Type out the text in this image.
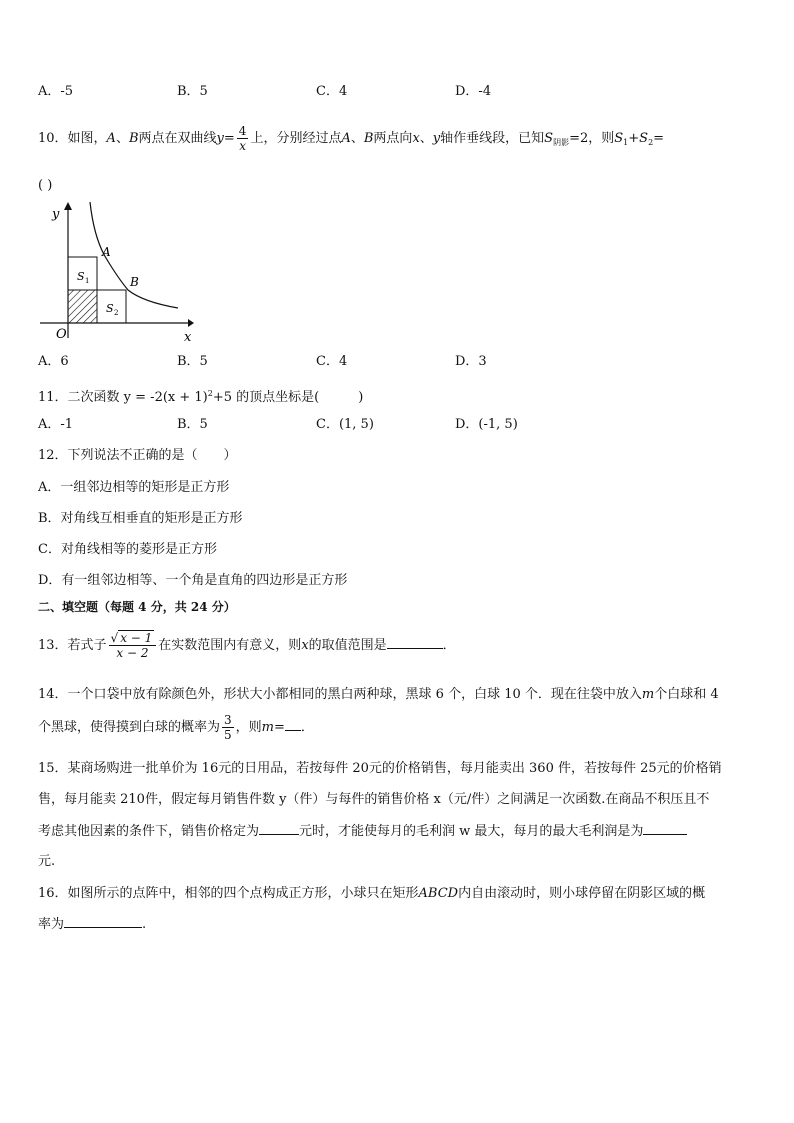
A．-5	B．5	C．4	D．-4
10．如图，A、B两点在双曲线$y= \frac{4}{x}$ 上，分别经过点A、B两点向x、y轴作垂线段，已知$S_{阴影}=2$，则$S_1+S_2=$
( )
y
x
O
A
B
S 1
S 2
A．6	B．5	C．4	D．3
11．二次函数 $y = -2(x + 1)^2+5$ 的顶点坐标是(　　　)
A．-1	B．5	C．(1, 5)	D．(-1, 5)
12．下列说法不正确的是（　　）
A．一组邻边相等的矩形是正方形
B．对角线互相垂直的矩形是正方形
C．对角线相等的菱形是正方形
D．有一组邻边相等、一个角是直角的四边形是正方形
二、填空题（每题 4 分，共 24 分）
13．若式子 $\frac{√ x - 1}{x - 2}$ 在实数范围内有意义，则x的取值范围是	．
14．一个口袋中放有除颜色外，形状大小都相同的黑白两种球，黑球 6 个，白球 10 个．现在往袋中放入m个白球和 4
个黑球，使得摸到白球的概率为 $\frac{3}{5}$ ，则m= ．
15．某商场购进一批单价为 16元的日用品，若按每件 20元的价格销售，每月能卖出 360 件，若按每件 25元的价格销
售，每月能卖 210件，假定每月销售件数 y（件）与每件的销售价格 x（元/件）之间满足一次函数.在商品不积压且不
考虑其他因素的条件下，销售价格定为	元时，才能使每月的毛利润 w 最大，每月的最大毛利润是为
元.
16．如图所示的点阵中，相邻的四个点构成正方形，小球只在矩形ABCD内自由滚动时，则小球停留在阴影区域的概
率为	.
